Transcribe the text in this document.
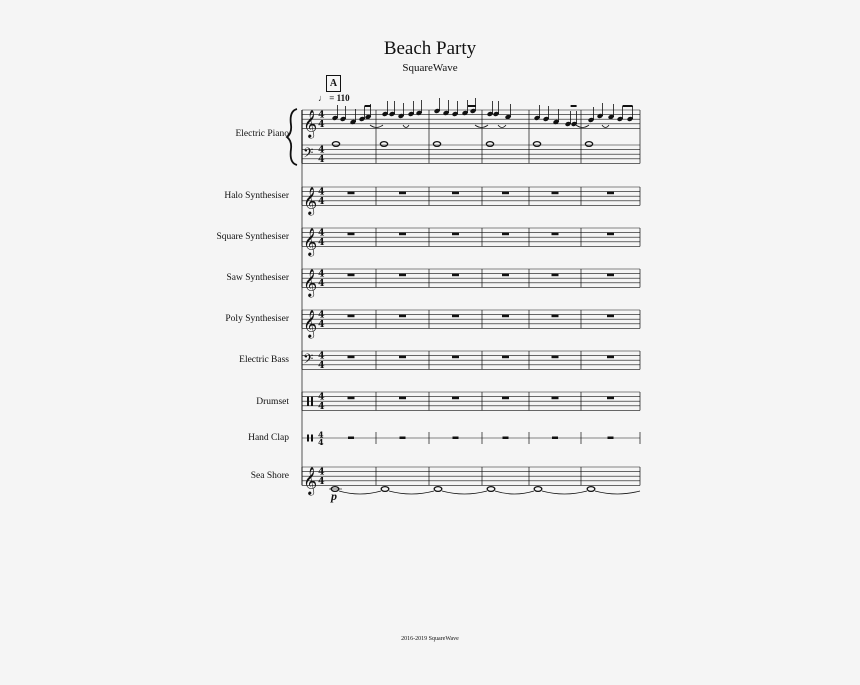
Beach Party
SquareWave
A
♩ = 110
p
Electric Piano
Halo Synthesiser
Square Synthesiser
Saw Synthesiser
Poly Synthesiser
Electric Bass
Drumset
Hand Clap
Sea Shore
𝄞
𝄢
4
4
4
4
𝄞 4
4
𝄞 4
4
𝄞 4
4
𝄞 4
4
𝄢 4
4
4
4
4
4
𝄞 4
4
2016-2019 SquareWave
